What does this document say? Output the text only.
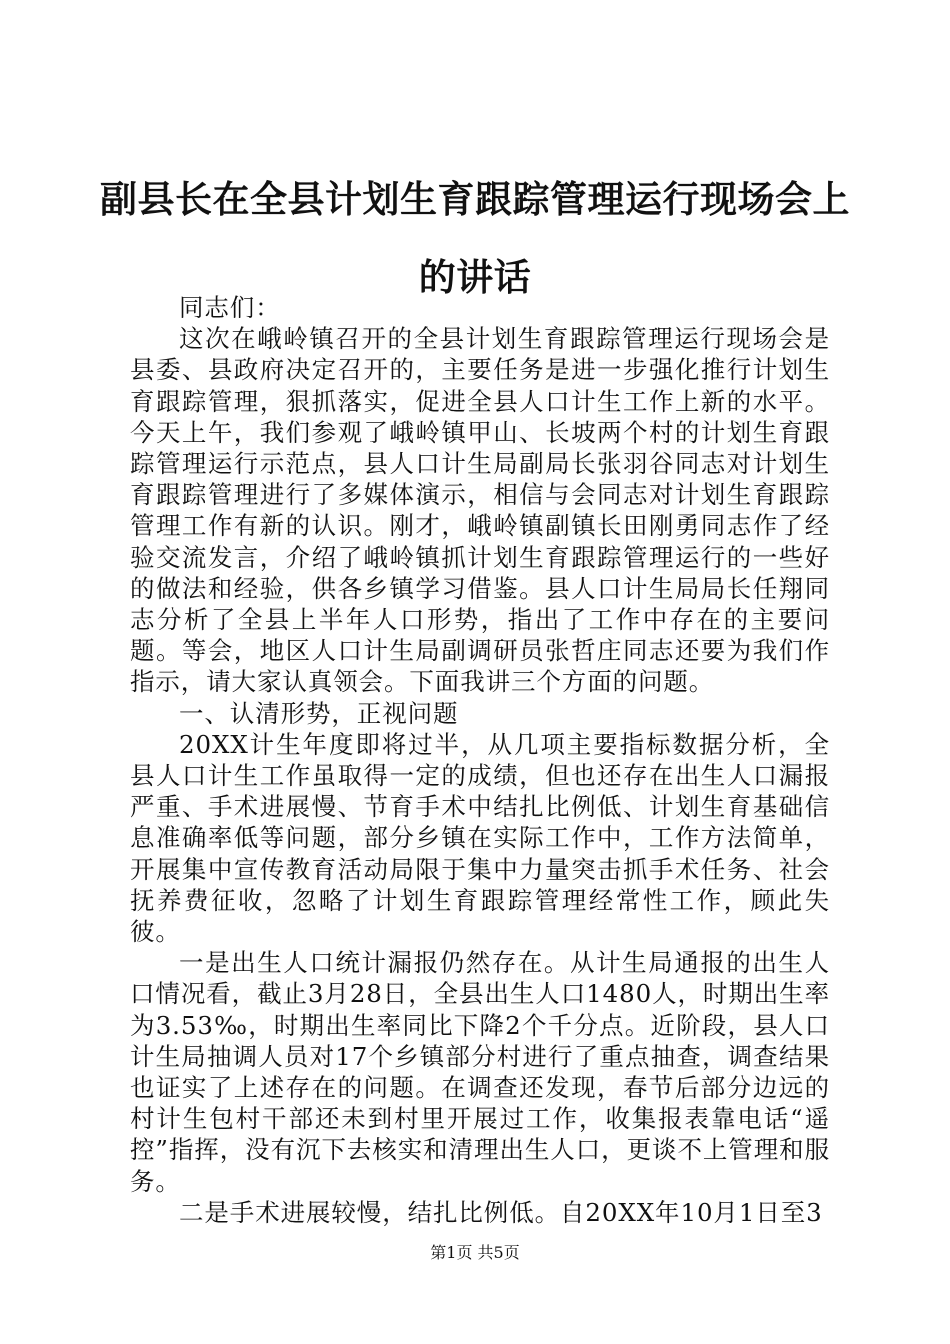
副县长在全县计划生育跟踪管理运行现场会上
的讲话

同志们：

这次在峨岭镇召开的全县计划生育跟踪管理运行现场会是县委、县政府决定召开的，主要任务是进一步强化推行计划生育跟踪管理，狠抓落实，促进全县人口计生工作上新的水平。今天上午，我们参观了峨岭镇甲山、长坡两个村的计划生育跟踪管理运行示范点，县人口计生局副局长张羽谷同志对计划生育跟踪管理进行了多媒体演示，相信与会同志对计划生育跟踪管理工作有新的认识。刚才，峨岭镇副镇长田刚勇同志作了经验交流发言，介绍了峨岭镇抓计划生育跟踪管理运行的一些好的做法和经验，供各乡镇学习借鉴。县人口计生局局长任翔同志分析了全县上半年人口形势，指出了工作中存在的主要问题。等会，地区人口计生局副调研员张哲庄同志还要为我们作指示，请大家认真领会。下面我讲三个方面的问题。

一、认清形势，正视问题

20XX计生年度即将过半，从几项主要指标数据分析，全县人口计生工作虽取得一定的成绩，但也还存在出生人口漏报严重、手术进展慢、节育手术中结扎比例低、计划生育基础信息准确率低等问题，部分乡镇在实际工作中，工作方法简单，开展集中宣传教育活动局限于集中力量突击抓手术任务、社会抚养费征收，忽略了计划生育跟踪管理经常性工作，顾此失彼。

一是出生人口统计漏报仍然存在。从计生局通报的出生人口情况看，截止3月28日，全县出生人口1480人，时期出生率为3.53‰，时期出生率同比下降2个千分点。近阶段，县人口计生局抽调人员对17个乡镇部分村进行了重点抽查，调查结果也证实了上述存在的问题。在调查还发现，春节后部分边远的村计生包村干部还未到村里开展过工作，收集报表靠电话“遥控”指挥，没有沉下去核实和清理出生人口，更谈不上管理和服务。

二是手术进展较慢，结扎比例低。自20XX年10月1日至3

第1页 共5页
